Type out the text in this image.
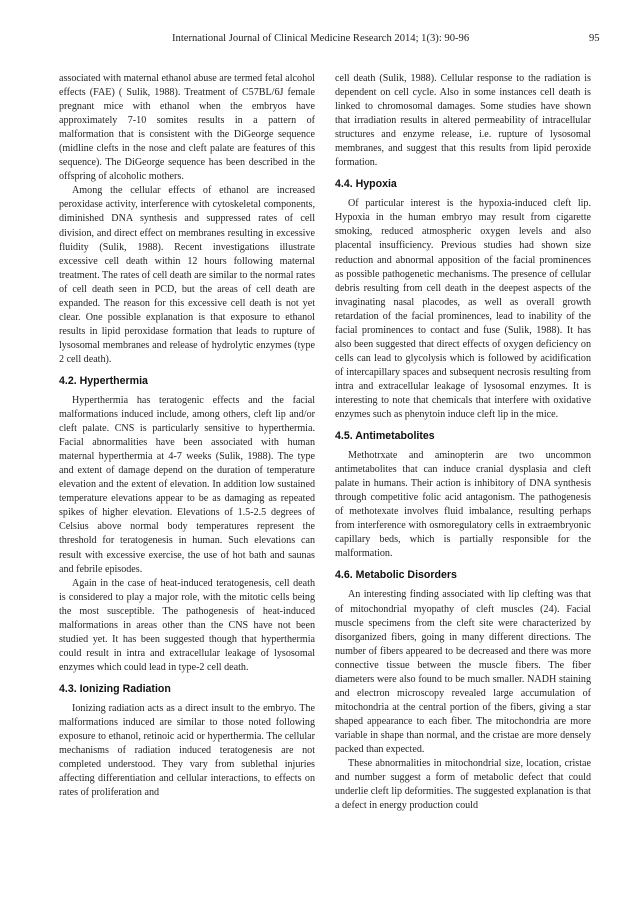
International Journal of Clinical Medicine Research 2014; 1(3): 90-96	95

associated with maternal ethanol abuse are termed fetal alcohol effects (FAE) ( Sulik, 1988). Treatment of C57BL/6J female pregnant mice with ethanol when the embryos have approximately 7-10 somites results in a pattern of malformation that is consistent with the DiGeorge sequence (midline clefts in the nose and cleft palate are features of this sequence). The DiGeorge sequence has been described in the offspring of alcoholic mothers.

Among the cellular effects of ethanol are increased peroxidase activity, interference with cytoskeletal components, diminished DNA synthesis and suppressed rates of cell division, and direct effect on membranes resulting in excessive fluidity (Sulik, 1988). Recent investigations illustrate excessive cell death within 12 hours following maternal treatment. The rates of cell death are similar to the normal rates of cell death seen in PCD, but the areas of cell death are expanded. The reason for this excessive cell death is not yet clear. One possible explanation is that exposure to ethanol results in lipid peroxidase formation that leads to rupture of lysosomal membranes and release of hydrolytic enzymes (type 2 cell death).

4.2. Hyperthermia

Hyperthermia has teratogenic effects and the facial malformations induced include, among others, cleft lip and/or cleft palate. CNS is particularly sensitive to hyperthermia. Facial abnormalities have been associated with human maternal hyperthermia at 4-7 weeks (Sulik, 1988). The type and extent of damage depend on the duration of temperature elevation and the extent of elevation. In addition low sustained temperature elevations appear to be as damaging as repeated spikes of higher elevation. Elevations of 1.5-2.5 degrees of Celsius above normal body temperatures represent the threshold for teratogenesis in human. Such elevations can result with excessive exercise, the use of hot bath and saunas and febrile episodes.

Again in the case of heat-induced teratogenesis, cell death is considered to play a major role, with the mitotic cells being the most susceptible. The pathogenesis of heat-induced malformations in areas other than the CNS have not been studied yet. It has been suggested though that hyperthermia could result in intra and extracellular leakage of lysosomal enzymes which could lead in type-2 cell death.

4.3. Ionizing Radiation

Ionizing radiation acts as a direct insult to the embryo. The malformations induced are similar to those noted following exposure to ethanol, retinoic acid or hyperthermia. The cellular mechanisms of radiation induced teratogenesis are not completed understood. They vary from sublethal injuries affecting differentiation and cellular interactions, to effects on rates of proliferation and

cell death (Sulik, 1988). Cellular response to the radiation is dependent on cell cycle. Also in some instances cell death is linked to chromosomal damages. Some studies have shown that irradiation results in altered permeability of intracellular structures and enzyme release, i.e. rupture of lysosomal membranes, and suggest that this results from lipid peroxide formation.

4.4. Hypoxia

Of particular interest is the hypoxia-induced cleft lip. Hypoxia in the human embryo may result from cigarette smoking, reduced atmospheric oxygen levels and also placental insufficiency. Previous studies had shown size reduction and abnormal apposition of the facial prominences as possible pathogenetic mechanisms. The presence of cellular debris resulting from cell death in the deepest aspects of the invaginating nasal placodes, as well as overall growth retardation of the facial prominences, lead to inability of the facial prominences to contact and fuse (Sulik, 1988). It has also been suggested that direct effects of oxygen deficiency on cells can lead to glycolysis which is followed by acidification of intercapillary spaces and subsequent necrosis resulting from intra and extracellular leakage of lysosomal enzymes. It is interesting to note that chemicals that interfere with oxidative enzymes such as phenytoin induce cleft lip in the mice.

4.5. Antimetabolites

Methotrxate and aminopterin are two uncommon antimetabolites that can induce cranial dysplasia and cleft palate in humans. Their action is inhibitory of DNA synthesis through competitive folic acid antagonism. The pathogenesis of methotexate involves fluid imbalance, resulting perhaps from interference with osmoregulatory cells in extraembryonic capillary beds, which is partially responsible for the malformation.

4.6. Metabolic Disorders

An interesting finding associated with lip clefting was that of mitochondrial myopathy of cleft muscles (24). Facial muscle specimens from the cleft site were characterized by disorganized fibers, going in many different directions. The number of fibers appeared to be decreased and there was more connective tissue between the muscle fibers. The fiber diameters were also found to be much smaller. NADH staining and electron microscopy revealed large accumulation of mitochondria at the central portion of the fibers, giving a star shaped appearance to each fiber. The mitochondria are more variable in shape than normal, and the cristae are more densely packed than expected.

These abnormalities in mitochondrial size, location, cristae and number suggest a form of metabolic defect that could underlie cleft lip deformities. The suggested explanation is that a defect in energy production could
